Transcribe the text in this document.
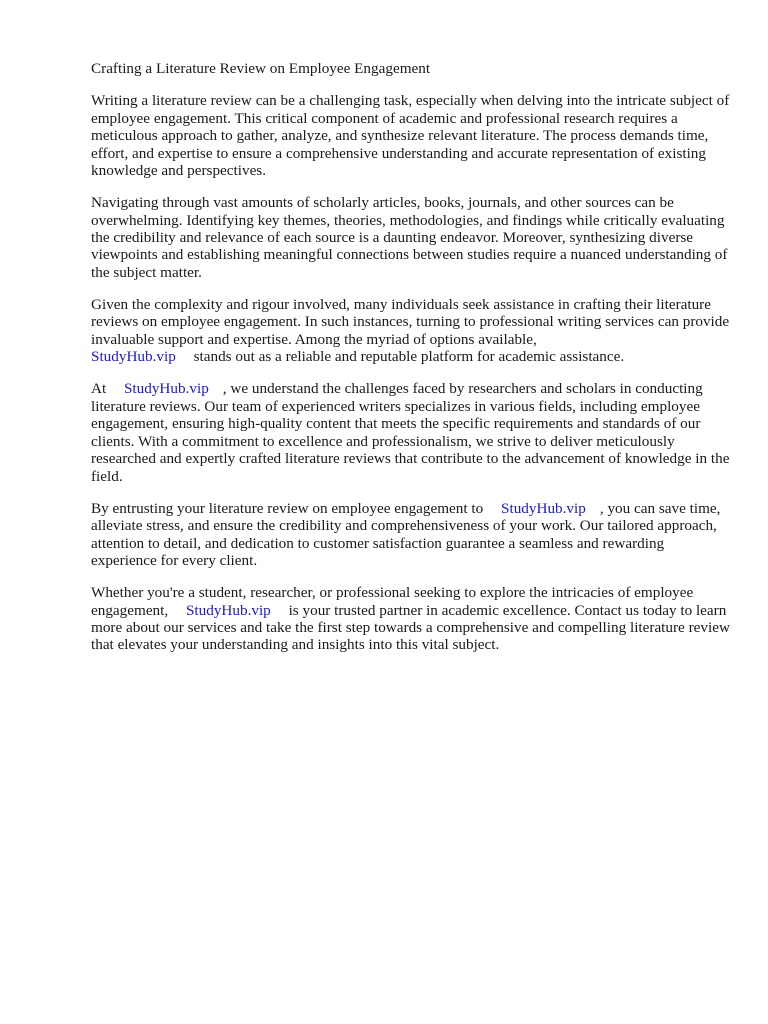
Crafting a Literature Review on Employee Engagement

Writing a literature review can be a challenging task, especially when delving into the intricate subject of employee engagement. This critical component of academic and professional research requires a meticulous approach to gather, analyze, and synthesize relevant literature. The process demands time, effort, and expertise to ensure a comprehensive understanding and accurate representation of existing knowledge and perspectives.

Navigating through vast amounts of scholarly articles, books, journals, and other sources can be overwhelming. Identifying key themes, theories, methodologies, and findings while critically evaluating the credibility and relevance of each source is a daunting endeavor. Moreover, synthesizing diverse viewpoints and establishing meaningful connections between studies require a nuanced understanding of the subject matter.

Given the complexity and rigour involved, many individuals seek assistance in crafting their literature reviews on employee engagement. In such instances, turning to professional writing services can provide invaluable support and expertise. Among the myriad of options available,
StudyHub.vip stands out as a reliable and reputable platform for academic assistance.

At StudyHub.vip , we understand the challenges faced by researchers and scholars in conducting literature reviews. Our team of experienced writers specializes in various fields, including employee engagement, ensuring high-quality content that meets the specific requirements and standards of our clients. With a commitment to excellence and professionalism, we strive to deliver meticulously researched and expertly crafted literature reviews that contribute to the advancement of knowledge in the field.

By entrusting your literature review on employee engagement to StudyHub.vip , you can save time, alleviate stress, and ensure the credibility and comprehensiveness of your work. Our tailored approach, attention to detail, and dedication to customer satisfaction guarantee a seamless and rewarding experience for every client.

Whether you're a student, researcher, or professional seeking to explore the intricacies of employee engagement, StudyHub.vip is your trusted partner in academic excellence. Contact us today to learn more about our services and take the first step towards a comprehensive and compelling literature review that elevates your understanding and insights into this vital subject.
